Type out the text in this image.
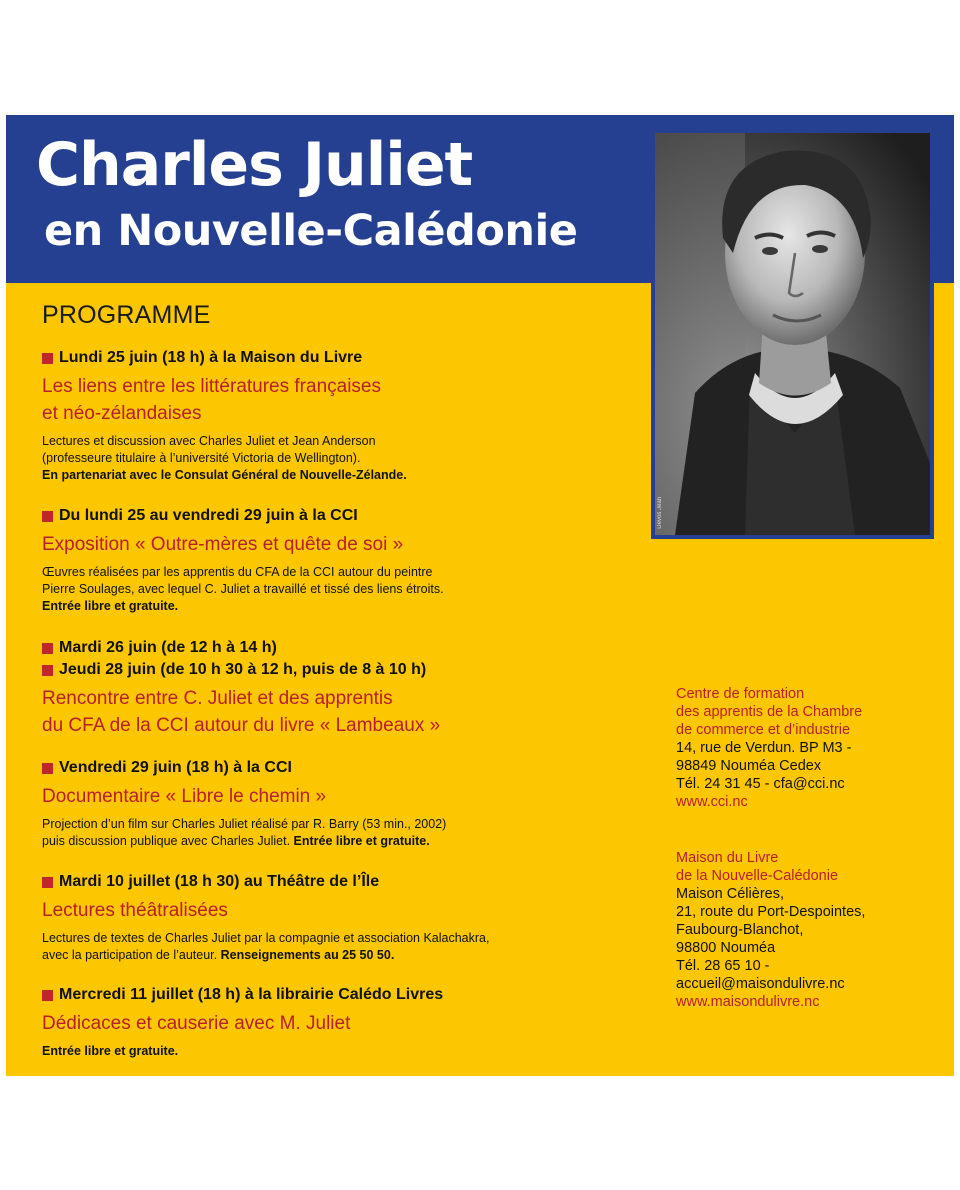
Charles Juliet
en Nouvelle-Calédonie
Devos Jean
PROGRAMME
Lundi 25 juin (18 h) à la Maison du Livre
Les liens entre les littératures françaises
et néo-zélandaises
Lectures et discussion avec Charles Juliet et Jean Anderson
(professeure titulaire à l’université Victoria de Wellington).
En partenariat avec le Consulat Général de Nouvelle-Zélande.
Du lundi 25 au vendredi 29 juin à la CCI
Exposition « Outre-mères et quête de soi »
Œuvres réalisées par les apprentis du CFA de la CCI autour du peintre
Pierre Soulages, avec lequel C. Juliet a travaillé et tissé des liens étroits.
Entrée libre et gratuite.
Mardi 26 juin (de 12 h à 14 h)
Jeudi 28 juin (de 10 h 30 à 12 h, puis de 8 à 10 h)
Rencontre entre C. Juliet et des apprentis
du CFA de la CCI autour du livre « Lambeaux »
Vendredi 29 juin (18 h) à la CCI
Documentaire « Libre le chemin »
Projection d’un film sur Charles Juliet réalisé par R. Barry (53 min., 2002)
puis discussion publique avec Charles Juliet. Entrée libre et gratuite.
Mardi 10 juillet (18 h 30) au Théâtre de l’Île
Lectures théâtralisées
Lectures de textes de Charles Juliet par la compagnie et association Kalachakra,
avec la participation de l’auteur. Renseignements au 25 50 50.
Mercredi 11 juillet (18 h) à la librairie Calédo Livres
Dédicaces et causerie avec M. Juliet
Entrée libre et gratuite.
Centre de formation
des apprentis de la Chambre
de commerce et d’industrie
14, rue de Verdun. BP M3 -
98849 Nouméa Cedex
Tél. 24 31 45 - cfa@cci.nc
www.cci.nc
Maison du Livre
de la Nouvelle-Calédonie
Maison Célières,
21, route du Port-Despointes,
Faubourg-Blanchot,
98800 Nouméa
Tél. 28 65 10 -
accueil@maisondulivre.nc
www.maisondulivre.nc
